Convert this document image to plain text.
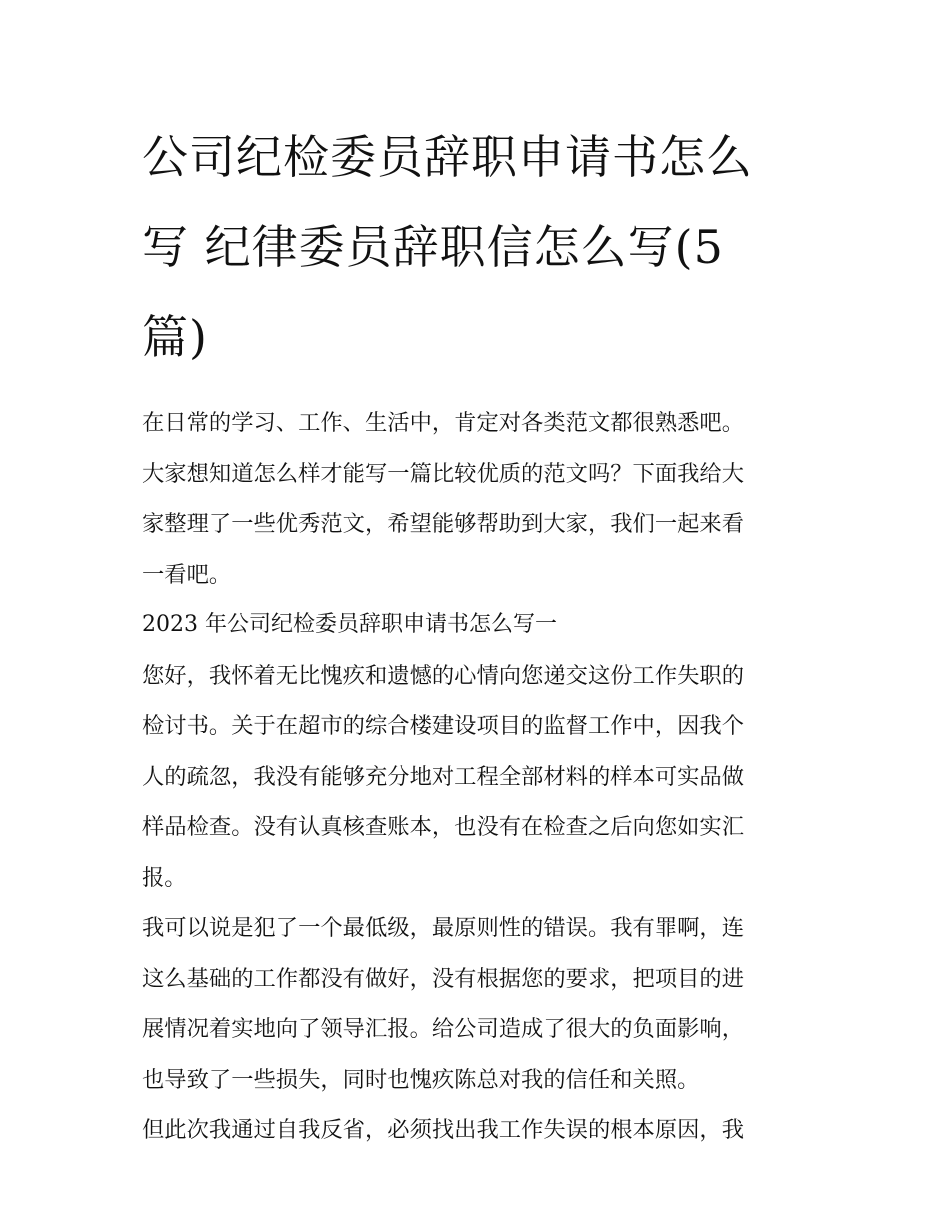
公司纪检委员辞职申请书怎么
写 纪律委员辞职信怎么写(5
篇)
在日常的学习、工作、生活中，肯定对各类范文都很熟悉吧。
大家想知道怎么样才能写一篇比较优质的范文吗？下面我给大
家整理了一些优秀范文，希望能够帮助到大家，我们一起来看
一看吧。
2023 年公司纪检委员辞职申请书怎么写一
您好，我怀着无比愧疚和遗憾的心情向您递交这份工作失职的
检讨书。关于在超市的综合楼建设项目的监督工作中，因我个
人的疏忽，我没有能够充分地对工程全部材料的样本可实品做
样品检查。没有认真核查账本，也没有在检查之后向您如实汇
报。
我可以说是犯了一个最低级，最原则性的错误。我有罪啊，连
这么基础的工作都没有做好，没有根据您的要求，把项目的进
展情况着实地向了领导汇报。给公司造成了很大的负面影响，
也导致了一些损失，同时也愧疚陈总对我的信任和关照。
但此次我通过自我反省，必须找出我工作失误的根本原因，我
